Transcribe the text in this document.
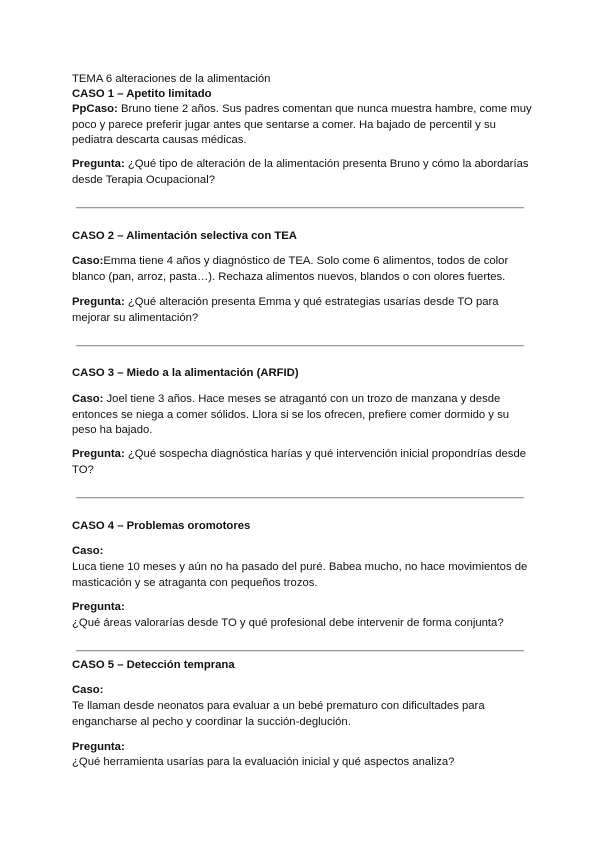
TEMA 6 alteraciones de la alimentación
CASO 1 – Apetito limitado

PpCaso: Bruno tiene 2 años. Sus padres comentan que nunca muestra hambre, come muy poco y parece preferir jugar antes que sentarse a comer. Ha bajado de percentil y su pediatra descarta causas médicas.

Pregunta: ¿Qué tipo de alteración de la alimentación presenta Bruno y cómo la abordarías desde Terapia Ocupacional?

CASO 2 – Alimentación selectiva con TEA

Caso:Emma tiene 4 años y diagnóstico de TEA. Solo come 6 alimentos, todos de color blanco (pan, arroz, pasta…). Rechaza alimentos nuevos, blandos o con olores fuertes.

Pregunta: ¿Qué alteración presenta Emma y qué estrategias usarías desde TO para mejorar su alimentación?

CASO 3 – Miedo a la alimentación (ARFID)

Caso: Joel tiene 3 años. Hace meses se atragantó con un trozo de manzana y desde entonces se niega a comer sólidos. Llora si se los ofrecen, prefiere comer dormido y su peso ha bajado.

Pregunta: ¿Qué sospecha diagnóstica harías y qué intervención inicial propondrías desde TO?

CASO 4 – Problemas oromotores
Caso:

Luca tiene 10 meses y aún no ha pasado del puré. Babea mucho, no hace movimientos de masticación y se atraganta con pequeños trozos.

Pregunta:

¿Qué áreas valorarías desde TO y qué profesional debe intervenir de forma conjunta?

CASO 5 – Detección temprana
Caso:

Te llaman desde neonatos para evaluar a un bebé prematuro con dificultades para engancharse al pecho y coordinar la succión-deglución.

Pregunta:

¿Qué herramienta usarías para la evaluación inicial y qué aspectos analiza?
